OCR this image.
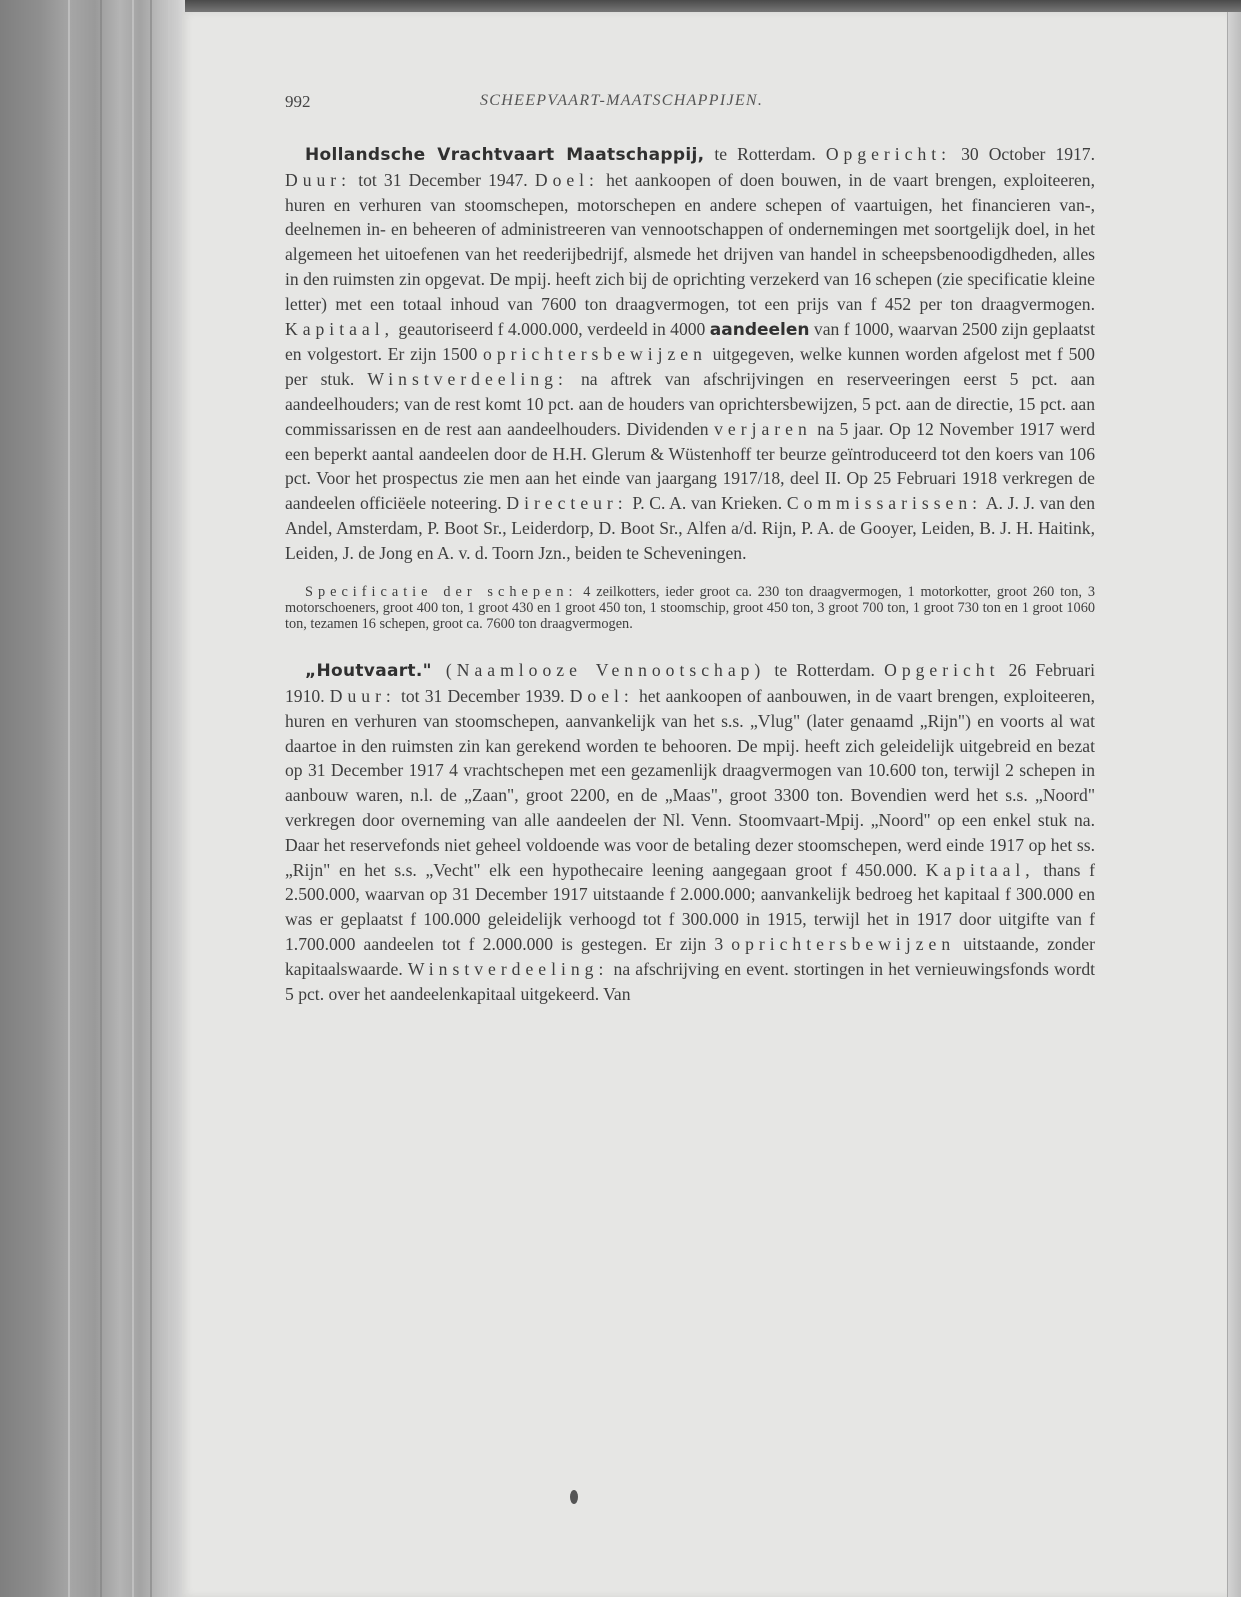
992	SCHEEPVAART-MAATSCHAPPIJEN.

Hollandsche Vrachtvaart Maatschappij, te Rotterdam. Opgericht: 30 October 1917. Duur: tot 31 December 1947. Doel: het aankoopen of doen bouwen, in de vaart brengen, exploiteeren, huren en verhuren van stoomschepen, motorschepen en andere schepen of vaartuigen, het financieren van-, deelnemen in- en beheeren of administreeren van vennootschappen of ondernemingen met soortgelijk doel, in het algemeen het uitoefenen van het reederijbedrijf, alsmede het drijven van handel in scheepsbenoodigdheden, alles in den ruimsten zin opgevat. De mpij. heeft zich bij de oprichting verzekerd van 16 schepen (zie specificatie kleine letter) met een totaal inhoud van 7600 ton draagvermogen, tot een prijs van f 452 per ton draagvermogen. Kapitaal, geautoriseerd f 4.000.000, verdeeld in 4000 aandeelen van f 1000, waarvan 2500 zijn geplaatst en volgestort. Er zijn 1500 oprichtersbewijzen uitgegeven, welke kunnen worden afgelost met f 500 per stuk. Winstverdeeling: na aftrek van afschrijvingen en reserveeringen eerst 5 pct. aan aandeelhouders; van de rest komt 10 pct. aan de houders van oprichtersbewijzen, 5 pct. aan de directie, 15 pct. aan commissarissen en de rest aan aandeelhouders. Dividenden verjaren na 5 jaar. Op 12 November 1917 werd een beperkt aantal aandeelen door de H.H. Glerum & Wüstenhoff ter beurze geïntroduceerd tot den koers van 106 pct. Voor het prospectus zie men aan het einde van jaargang 1917/18, deel II. Op 25 Februari 1918 verkregen de aandeelen officiëele noteering. Directeur: P. C. A. van Krieken. Commissarissen: A. J. J. van den Andel, Amsterdam, P. Boot Sr., Leiderdorp, D. Boot Sr., Alfen a/d. Rijn, P. A. de Gooyer, Leiden, B. J. H. Haitink, Leiden, J. de Jong en A. v. d. Toorn Jzn., beiden te Scheveningen.

Specificatie der schepen: 4 zeilkotters, ieder groot ca. 230 ton draagvermogen, 1 motorkotter, groot 260 ton, 3 motorschoeners, groot 400 ton, 1 groot 430 en 1 groot 450 ton, 1 stoomschip, groot 450 ton, 3 groot 700 ton, 1 groot 730 ton en 1 groot 1060 ton, tezamen 16 schepen, groot ca. 7600 ton draagvermogen.

„Houtvaart." (Naamlooze Vennootschap) te Rotterdam. Opgericht 26 Februari 1910. Duur: tot 31 December 1939. Doel: het aankoopen of aanbouwen, in de vaart brengen, exploiteeren, huren en verhuren van stoomschepen, aanvankelijk van het s.s. „Vlug" (later genaamd „Rijn") en voorts al wat daartoe in den ruimsten zin kan gerekend worden te behooren. De mpij. heeft zich geleidelijk uitgebreid en bezat op 31 December 1917 4 vrachtschepen met een gezamenlijk draagvermogen van 10.600 ton, terwijl 2 schepen in aanbouw waren, n.l. de „Zaan", groot 2200, en de „Maas", groot 3300 ton. Bovendien werd het s.s. „Noord" verkregen door overneming van alle aandeelen der Nl. Venn. Stoomvaart-Mpij. „Noord" op een enkel stuk na. Daar het reservefonds niet geheel voldoende was voor de betaling dezer stoomschepen, werd einde 1917 op het ss. „Rijn" en het s.s. „Vecht" elk een hypothecaire leening aangegaan groot f 450.000. Kapitaal, thans f 2.500.000, waarvan op 31 December 1917 uitstaande f 2.000.000; aanvankelijk bedroeg het kapitaal f 300.000 en was er geplaatst f 100.000 geleidelijk verhoogd tot f 300.000 in 1915, terwijl het in 1917 door uitgifte van f 1.700.000 aandeelen tot f 2.000.000 is gestegen. Er zijn 3 oprichtersbewijzen uitstaande, zonder kapitaalswaarde. Winstverdeeling: na afschrijving en event. stortingen in het vernieuwingsfonds wordt 5 pct. over het aandeelenkapitaal uitgekeerd. Van
